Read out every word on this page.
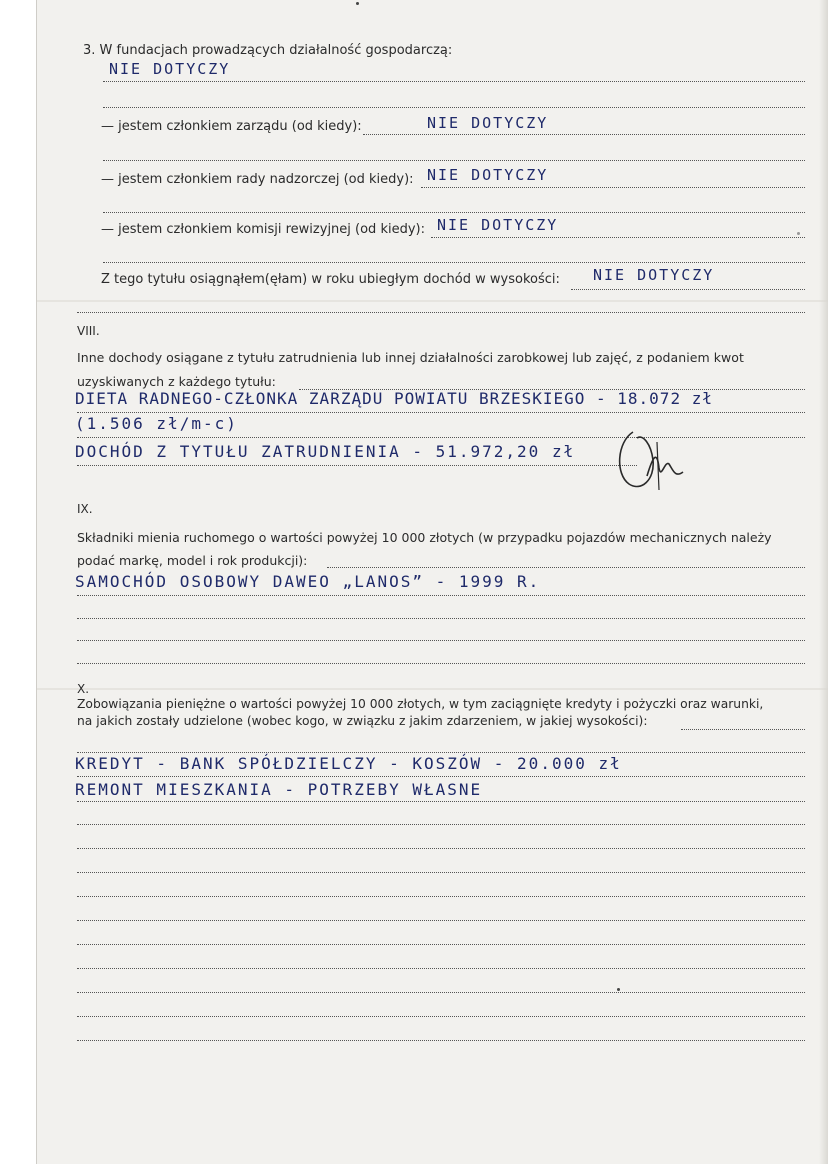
3. W fundacjach prowadzących działalność gospodarczą:
NIE DOTYCZY
— jestem członkiem zarządu (od kiedy):	NIE DOTYCZY
— jestem członkiem rady nadzorczej (od kiedy): NIE DOTYCZY
— jestem członkiem komisji rewizyjnej (od kiedy): NIE DOTYCZY
Z tego tytułu osiągnąłem(ęłam) w roku ubiegłym dochód w wysokości: NIE DOTYCZY
VIII.
Inne dochody osiągane z tytułu zatrudnienia lub innej działalności zarobkowej lub zajęć, z podaniem kwot
uzyskiwanych z każdego tytułu:
DIETA RADNEGO-CZŁONKA ZARZĄDU POWIATU BRZESKIEGO - 18.072 zł
(1.506 zł/m-c)
DOCHÓD Z TYTUŁU ZATRUDNIENIA - 51.972,20 zł
IX.
Składniki mienia ruchomego o wartości powyżej 10 000 złotych (w przypadku pojazdów mechanicznych należy
podać markę, model i rok produkcji):
SAMOCHÓD OSOBOWY DAWEO „LANOS” - 1999 R.
X.
Zobowiązania pieniężne o wartości powyżej 10 000 złotych, w tym zaciągnięte kredyty i pożyczki oraz warunki,
na jakich zostały udzielone (wobec kogo, w związku z jakim zdarzeniem, w jakiej wysokości):
KREDYT - BANK SPÓŁDZIELCZY - KOSZÓW - 20.000 zł
REMONT MIESZKANIA - POTRZEBY WŁASNE
